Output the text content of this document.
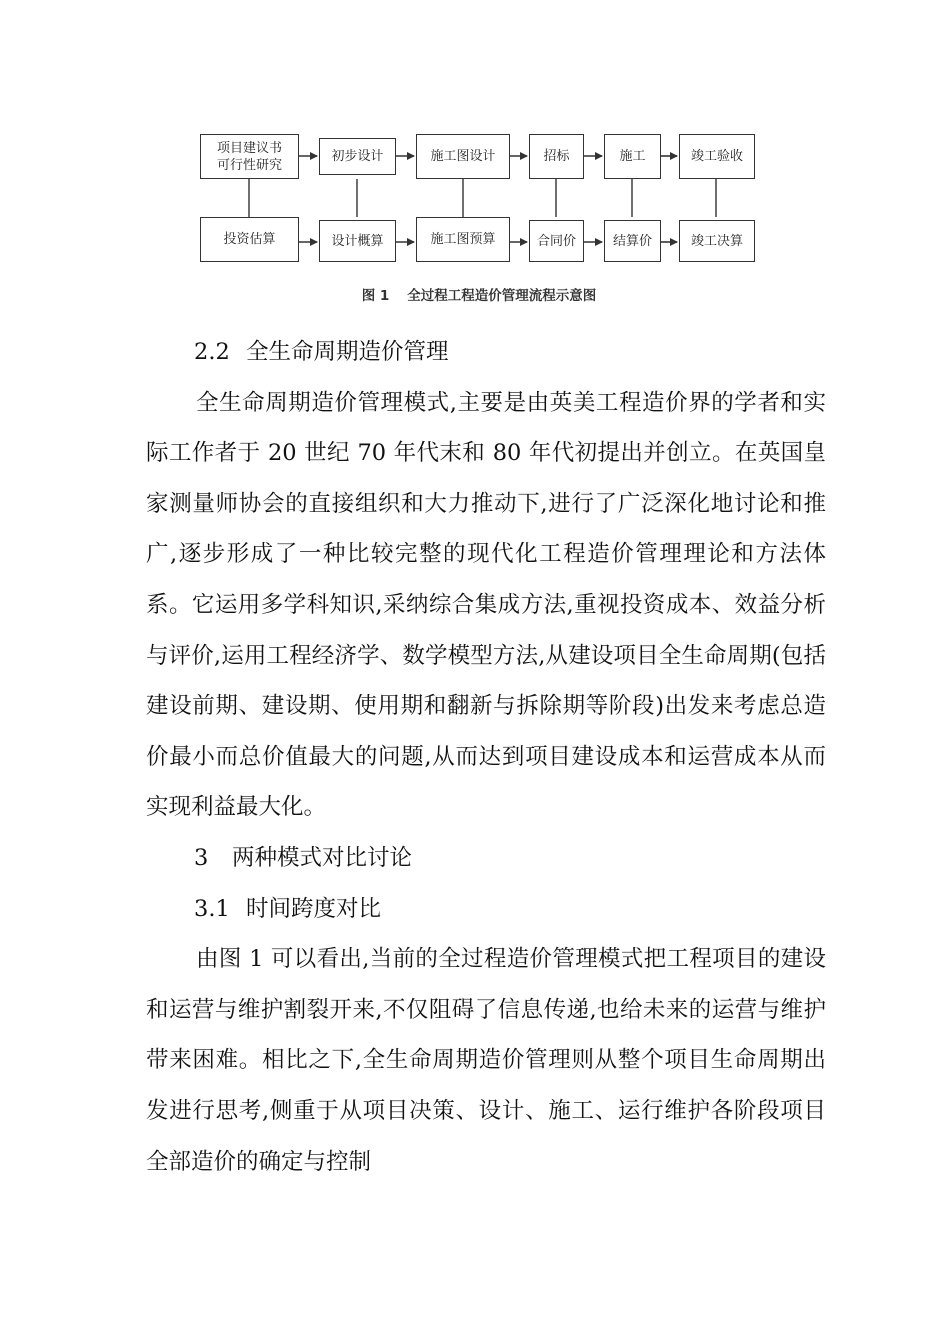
项目建议书
可行性研究
初步设计	施工图设计	招标	施工	竣工验收
投资估算	设计概算	施工图预算	合同价	结算价	竣工决算
图 1 全过程工程造价管理流程示意图

2.2 全生命周期造价管理

全生命周期造价管理模式,主要是由英美工程造价界的学者和实际工作者于 20 世纪 70 年代末和 80 年代初提出并创立。在英国皇家测量师协会的直接组织和大力推动下,进行了广泛深化地讨论和推广,逐步形成了一种比较完整的现代化工程造价管理理论和方法体系。它运用多学科知识,采纳综合集成方法,重视投资成本、效益分析与评价,运用工程经济学、数学模型方法,从建设项目全生命周期(包括建设前期、建设期、使用期和翻新与拆除期等阶段)出发来考虑总造价最小而总价值最大的问题,从而达到项目建设成本和运营成本从而实现利益最大化。

3 两种模式对比讨论

3.1 时间跨度对比

由图 1 可以看出,当前的全过程造价管理模式把工程项目的建设和运营与维护割裂开来,不仅阻碍了信息传递,也给未来的运营与维护带来困难。相比之下,全生命周期造价管理则从整个项目生命周期出发进行思考,侧重于从项目决策、设计、施工、运行维护各阶段项目全部造价的确定与控制
